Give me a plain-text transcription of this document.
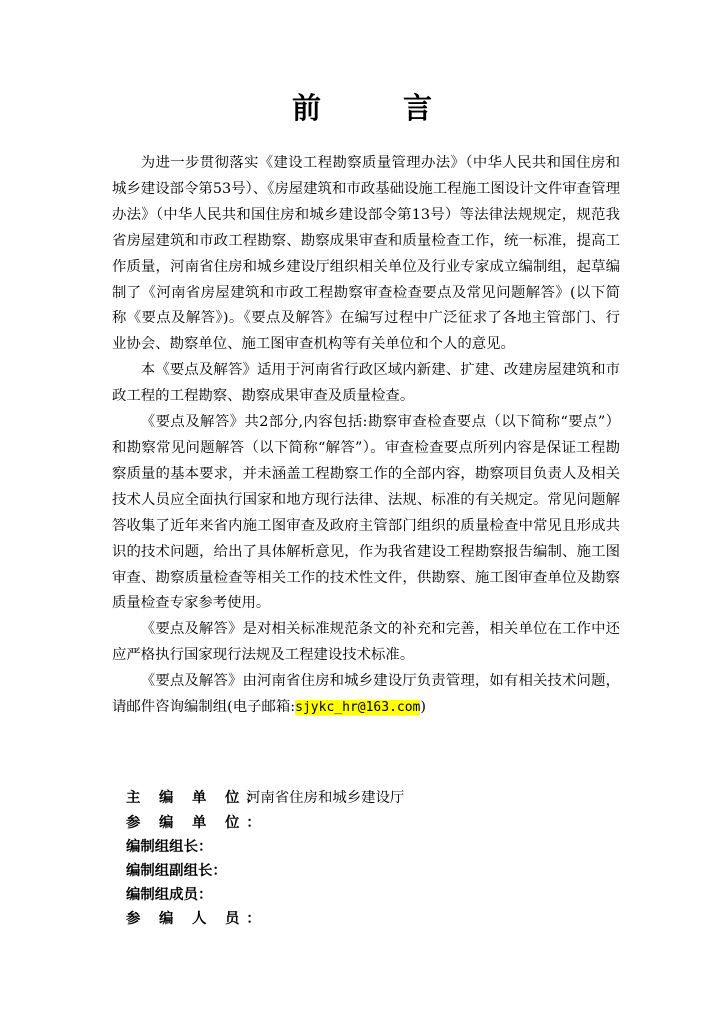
前 言

为进一步贯彻落实《建设工程勘察质量管理办法》（中华人民共和国住房和城乡建设部令第53号）、《房屋建筑和市政基础设施工程施工图设计文件审查管理办法》（中华人民共和国住房和城乡建设部令第13号）等法律法规规定，规范我省房屋建筑和市政工程勘察、勘察成果审查和质量检查工作，统一标准，提高工作质量，河南省住房和城乡建设厅组织相关单位及行业专家成立编制组，起草编制了《河南省房屋建筑和市政工程勘察审查检查要点及常见问题解答》(以下简称《要点及解答》)。《要点及解答》在编写过程中广泛征求了各地主管部门、行业协会、勘察单位、施工图审查机构等有关单位和个人的意见。

本《要点及解答》适用于河南省行政区域内新建、扩建、改建房屋建筑和市政工程的工程勘察、勘察成果审查及质量检查。

《要点及解答》共2部分,内容包括:勘察审查检查要点（以下简称“要点”）和勘察常见问题解答（以下简称“解答”）。审查检查要点所列内容是保证工程勘察质量的基本要求，并未涵盖工程勘察工作的全部内容，勘察项目负责人及相关技术人员应全面执行国家和地方现行法律、法规、标准的有关规定。常见问题解答收集了近年来省内施工图审查及政府主管部门组织的质量检查中常见且形成共识的技术问题，给出了具体解析意见，作为我省建设工程勘察报告编制、施工图审查、勘察质量检查等相关工作的技术性文件，供勘察、施工图审查单位及勘察质量检查专家参考使用。

《要点及解答》是对相关标准规范条文的补充和完善，相关单位在工作中还应严格执行国家现行法规及工程建设技术标准。

《要点及解答》由河南省住房和城乡建设厅负责管理，如有相关技术问题，请邮件咨询编制组(电子邮箱:sjykc_hr@163.com)

主 编 单 位：
河南省住房和城乡建设厅
参 编 单 位：
编制组组长：
编制组副组长：
编制组成员：
参 编 人 员：
